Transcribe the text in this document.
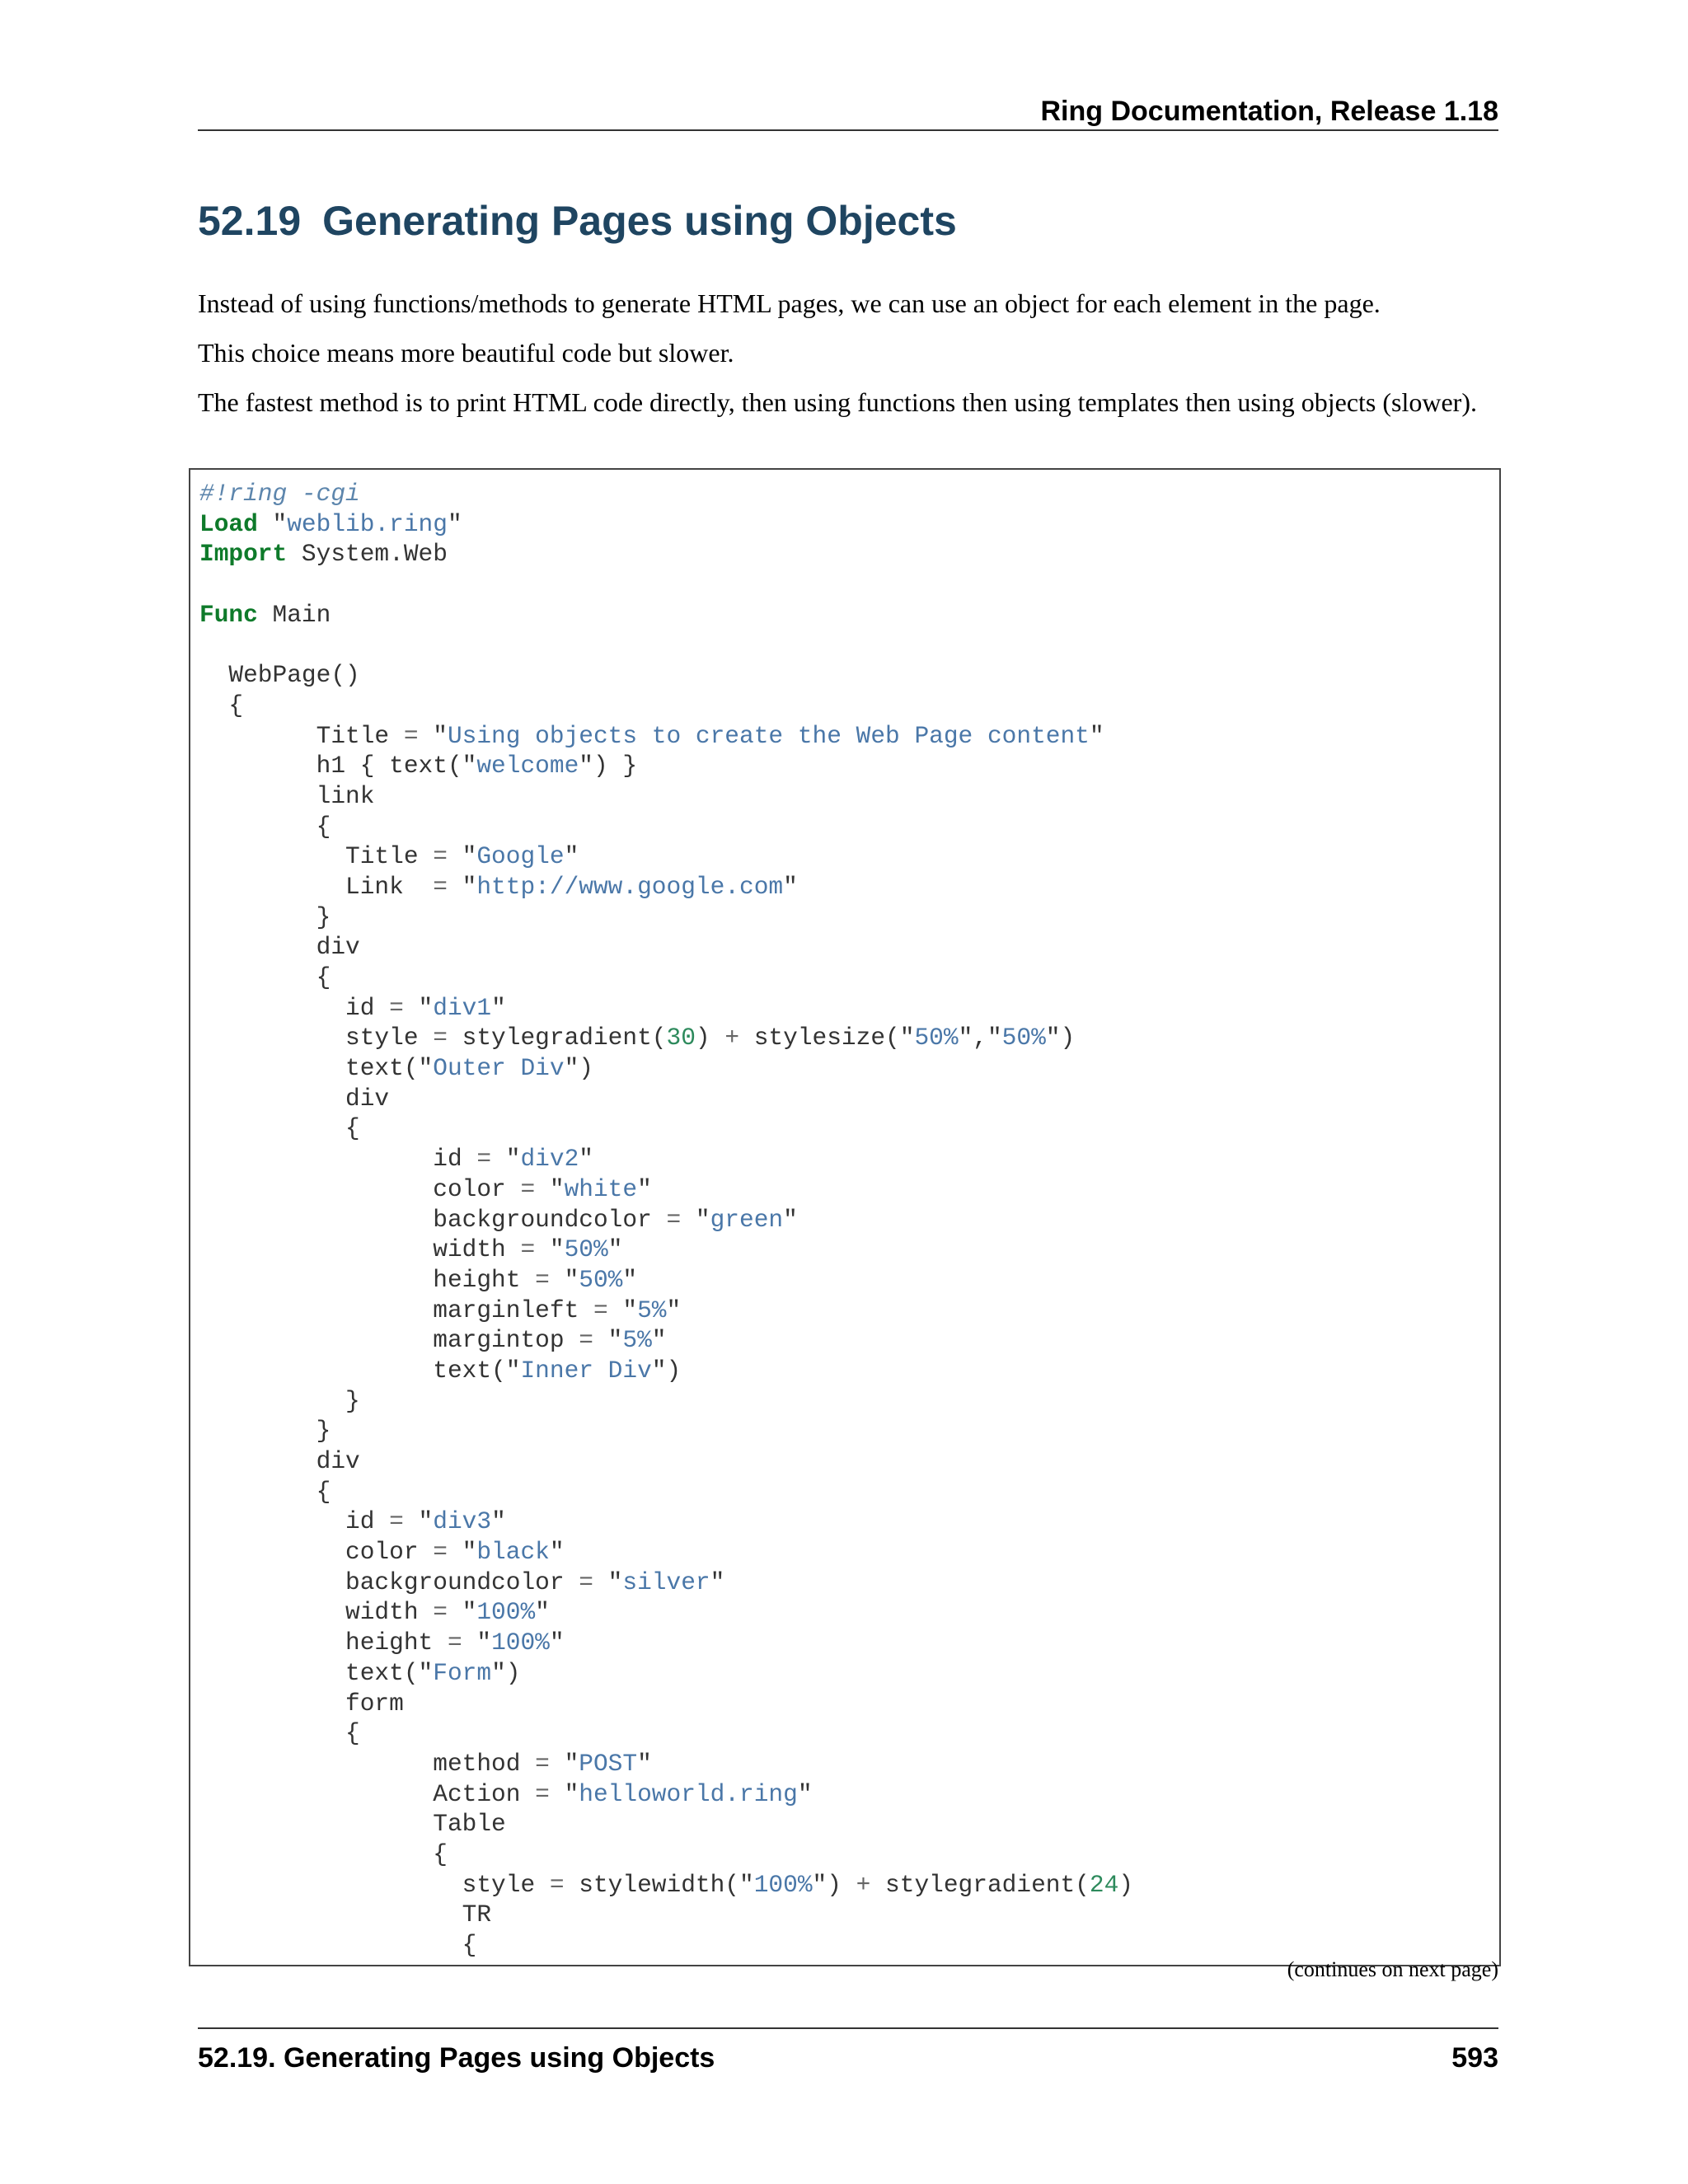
Ring Documentation, Release 1.18
52.19 Generating Pages using Objects
Instead of using functions/methods to generate HTML pages, we can use an object for each element in the page.
This choice means more beautiful code but slower.
The fastest method is to print HTML code directly, then using functions then using templates then using objects (slower).
#!ring -cgi
Load "weblib.ring"
Import System.Web
Func Main
WebPage()
{
Title = "Using objects to create the Web Page content"
h1 { text("welcome") }
link
{
Title = "Google"
Link  = "http://www.google.com"
}
div
{
id = "div1"
style = stylegradient(30) + stylesize("50%","50%")
text("Outer Div")
div
{
id = "div2"
color = "white"
backgroundcolor = "green"
width = "50%"
height = "50%"
marginleft = "5%"
margintop = "5%"
text("Inner Div")
}
}
div
{
id = "div3"
color = "black"
backgroundcolor = "silver"
width = "100%"
height = "100%"
text("Form")
form
{
method = "POST"
Action = "helloworld.ring"
Table
{
style = stylewidth("100%") + stylegradient(24)
TR
{
(continues on next page)
52.19. Generating Pages using Objects	593
